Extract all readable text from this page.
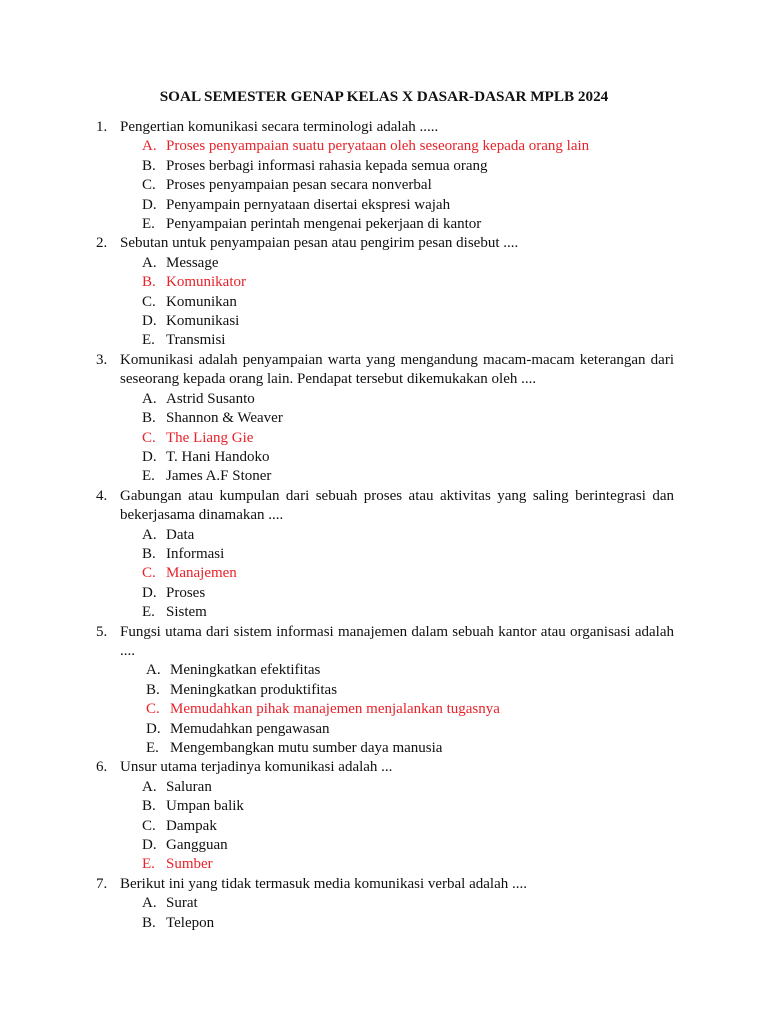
SOAL SEMESTER GENAP KELAS X DASAR-DASAR MPLB 2024
1. Pengertian komunikasi secara terminologi adalah .....
A. Proses penyampaian suatu peryataan oleh seseorang kepada orang lain
B. Proses berbagi informasi rahasia kepada semua orang
C. Proses penyampaian pesan secara nonverbal
D. Penyampain pernyataan disertai ekspresi wajah
E. Penyampaian perintah mengenai pekerjaan di kantor
2. Sebutan untuk penyampaian pesan atau pengirim pesan disebut ....
A. Message
B. Komunikator
C. Komunikan
D. Komunikasi
E. Transmisi
3. Komunikasi adalah penyampaian warta yang mengandung macam-macam keterangan dari seseorang kepada orang lain. Pendapat tersebut dikemukakan oleh ....
A. Astrid Susanto
B. Shannon & Weaver
C. The Liang Gie
D. T. Hani Handoko
E. James A.F Stoner
4. Gabungan atau kumpulan dari sebuah proses atau aktivitas yang saling berintegrasi dan bekerjasama dinamakan ....
A. Data
B. Informasi
C. Manajemen
D. Proses
E. Sistem
5. Fungsi utama dari sistem informasi manajemen dalam sebuah kantor atau organisasi adalah ....
A. Meningkatkan efektifitas
B. Meningkatkan produktifitas
C. Memudahkan pihak manajemen menjalankan tugasnya
D. Memudahkan pengawasan
E. Mengembangkan mutu sumber daya manusia
6. Unsur utama terjadinya komunikasi adalah ...
A. Saluran
B. Umpan balik
C. Dampak
D. Gangguan
E. Sumber
7. Berikut ini yang tidak termasuk media komunikasi verbal adalah ....
A. Surat
B. Telepon
